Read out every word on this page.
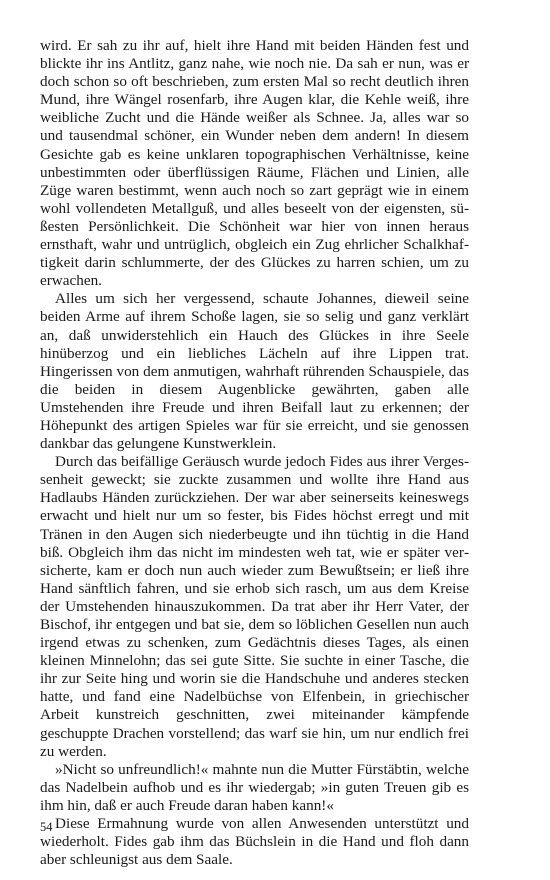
wird. Er sah zu ihr auf, hielt ihre Hand mit beiden Händen fest und blickte ihr ins Antlitz, ganz nahe, wie noch nie. Da sah er nun, was er doch schon so oft beschrieben, zum ersten Mal so recht deutlich ihren Mund, ihre Wängel rosenfarb, ihre Augen klar, die Kehle weiß, ihre weibliche Zucht und die Hände weißer als Schnee. Ja, alles war so und tausendmal schöner, ein Wunder neben dem andern! In diesem Gesichte gab es keine unklaren topographischen Verhältnisse, keine unbestimmten oder überflüssigen Räume, Flächen und Linien, alle Züge waren bestimmt, wenn auch noch so zart geprägt wie in einem wohl vollendeten Metallguß, und alles beseelt von der eigensten, süßesten Persönlichkeit. Die Schönheit war hier von innen heraus ernsthaft, wahr und untrüglich, obgleich ein Zug ehrlicher Schalkhaftigkeit darin schlummerte, der des Glückes zu harren schien, um zu erwachen.

Alles um sich her vergessend, schaute Johannes, dieweil seine beiden Arme auf ihrem Schoße lagen, sie so selig und ganz verklärt an, daß unwiderstehlich ein Hauch des Glückes in ihre Seele hinüberzog und ein liebliches Lächeln auf ihre Lippen trat. Hingerissen von dem anmutigen, wahrhaft rührenden Schauspiele, das die beiden in diesem Augenblicke gewährten, gaben alle Umstehenden ihre Freude und ihren Beifall laut zu erkennen; der Höhepunkt des artigen Spieles war für sie erreicht, und sie genossen dankbar das gelungene Kunstwerklein.

Durch das beifällige Geräusch wurde jedoch Fides aus ihrer Vergessenheit geweckt; sie zuckte zusammen und wollte ihre Hand aus Hadlaubs Händen zurückziehen. Der war aber seinerseits keineswegs erwacht und hielt nur um so fester, bis Fides höchst erregt und mit Tränen in den Augen sich niederbeugte und ihn tüchtig in die Hand biß. Obgleich ihm das nicht im mindesten weh tat, wie er später versicherte, kam er doch nun auch wieder zum Bewußtsein; er ließ ihre Hand sänftlich fahren, und sie erhob sich rasch, um aus dem Kreise der Umstehenden hinauszukommen. Da trat aber ihr Herr Vater, der Bischof, ihr entgegen und bat sie, dem so löblichen Gesellen nun auch irgend etwas zu schenken, zum Gedächtnis dieses Tages, als einen kleinen Minnelohn; das sei gute Sitte. Sie suchte in einer Tasche, die ihr zur Seite hing und worin sie die Handschuhe und anderes stecken hatte, und fand eine Nadelbüchse von Elfenbein, in griechischer Arbeit kunstreich geschnitten, zwei miteinander kämpfende geschuppte Drachen vorstellend; das warf sie hin, um nur endlich frei zu werden.

»Nicht so unfreundlich!« mahnte nun die Mutter Fürstäbtin, welche das Nadelbein aufhob und es ihr wiedergab; »in guten Treuen gib es ihm hin, daß er auch Freude daran haben kann!«

Diese Ermahnung wurde von allen Anwesenden unterstützt und wiederholt. Fides gab ihm das Büchslein in die Hand und floh dann aber schleunigst aus dem Saale.

54
